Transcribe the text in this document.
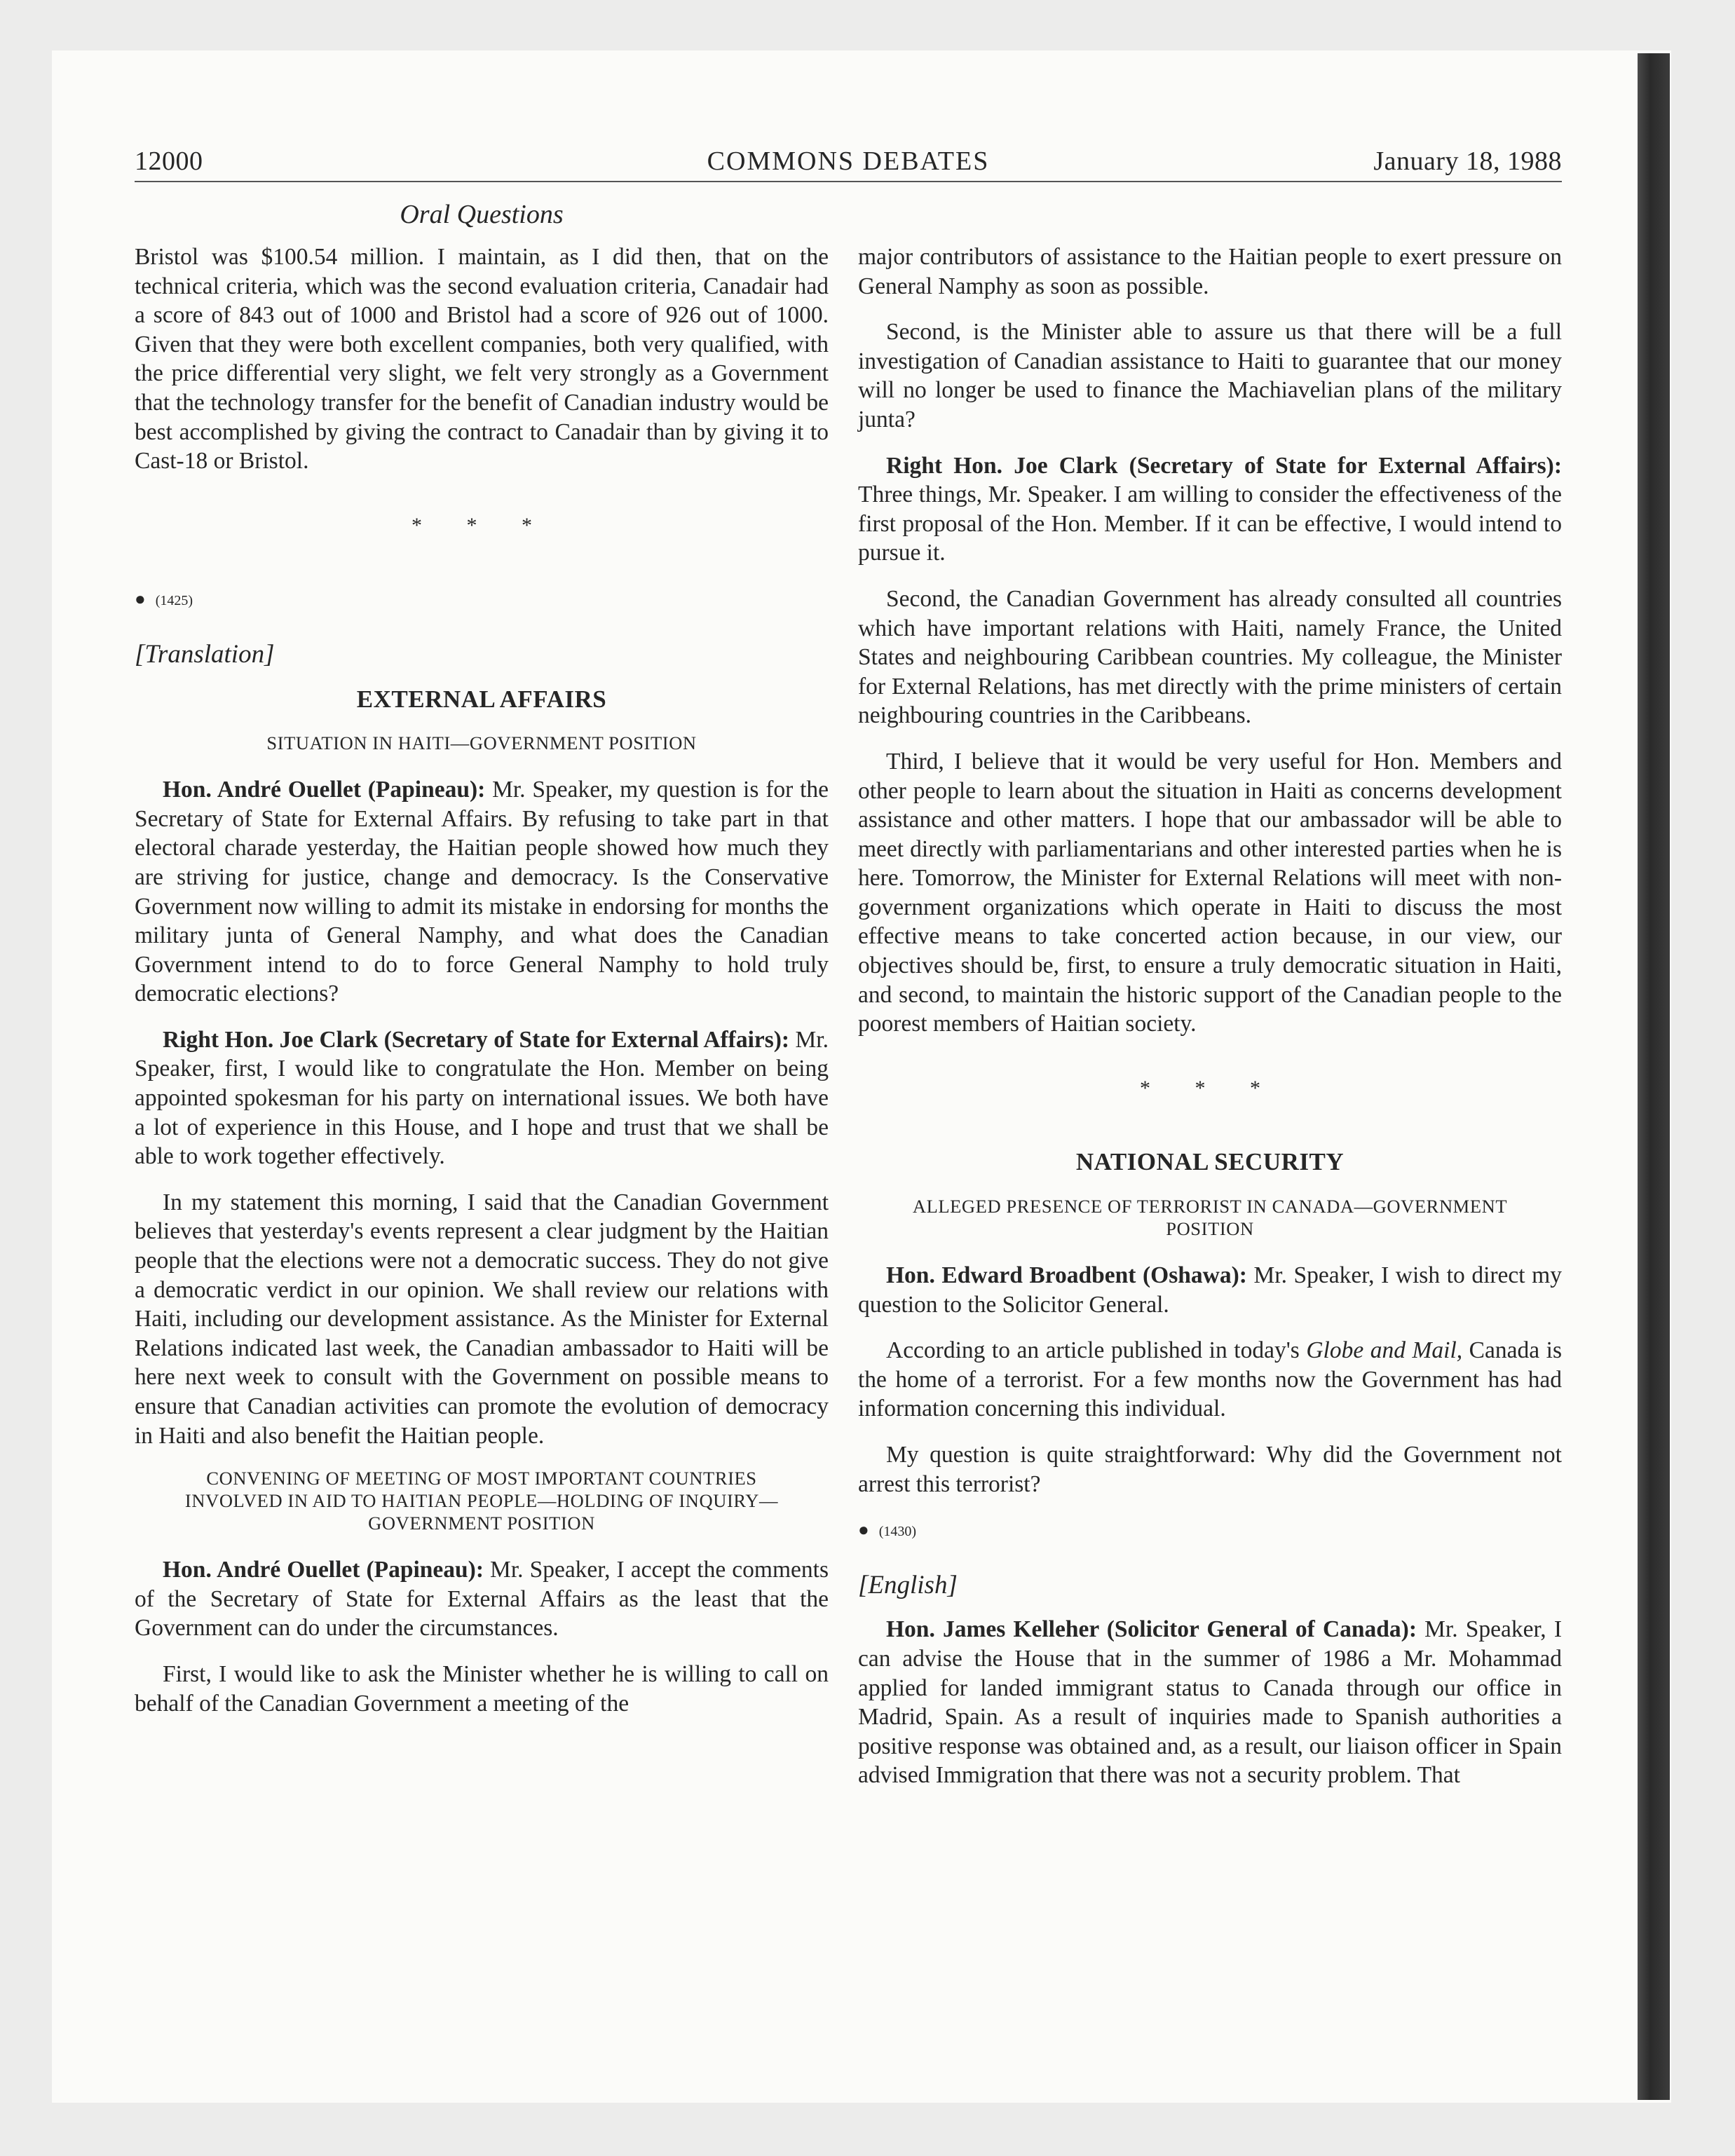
12000	COMMONS DEBATES	January 18, 1988
Oral Questions

Bristol was $100.54 million. I maintain, as I did then, that on the technical criteria, which was the second evaluation criteria, Canadair had a score of 843 out of 1000 and Bristol had a score of 926 out of 1000. Given that they were both excellent companies, both very qualified, with the price differential very slight, we felt very strongly as a Government that the technology transfer for the benefit of Canadian industry would be best accomplished by giving the contract to Canadair than by giving it to Cast-18 or Bristol.

* * *
● (1425)
[Translation]
EXTERNAL AFFAIRS
SITUATION IN HAITI—GOVERNMENT POSITION

Hon. André Ouellet (Papineau): Mr. Speaker, my question is for the Secretary of State for External Affairs. By refusing to take part in that electoral charade yesterday, the Haitian people showed how much they are striving for justice, change and democracy. Is the Conservative Government now willing to admit its mistake in endorsing for months the military junta of General Namphy, and what does the Canadian Government intend to do to force General Namphy to hold truly democratic elections?

Right Hon. Joe Clark (Secretary of State for External Affairs): Mr. Speaker, first, I would like to congratulate the Hon. Member on being appointed spokesman for his party on international issues. We both have a lot of experience in this House, and I hope and trust that we shall be able to work together effectively.

In my statement this morning, I said that the Canadian Government believes that yesterday's events represent a clear judgment by the Haitian people that the elections were not a democratic success. They do not give a democratic verdict in our opinion. We shall review our relations with Haiti, including our development assistance. As the Minister for External Relations indicated last week, the Canadian ambassador to Haiti will be here next week to consult with the Government on possible means to ensure that Canadian activities can promote the evolution of democracy in Haiti and also benefit the Haitian people.

CONVENING OF MEETING OF MOST IMPORTANT COUNTRIES
INVOLVED IN AID TO HAITIAN PEOPLE—HOLDING OF INQUIRY—
GOVERNMENT POSITION

Hon. André Ouellet (Papineau): Mr. Speaker, I accept the comments of the Secretary of State for External Affairs as the least that the Government can do under the circumstances.

First, I would like to ask the Minister whether he is willing to call on behalf of the Canadian Government a meeting of the

major contributors of assistance to the Haitian people to exert pressure on General Namphy as soon as possible.

Second, is the Minister able to assure us that there will be a full investigation of Canadian assistance to Haiti to guarantee that our money will no longer be used to finance the Machiavelian plans of the military junta?

Right Hon. Joe Clark (Secretary of State for External Affairs): Three things, Mr. Speaker. I am willing to consider the effectiveness of the first proposal of the Hon. Member. If it can be effective, I would intend to pursue it.

Second, the Canadian Government has already consulted all countries which have important relations with Haiti, namely France, the United States and neighbouring Caribbean countries. My colleague, the Minister for External Relations, has met directly with the prime ministers of certain neighbouring countries in the Caribbeans.

Third, I believe that it would be very useful for Hon. Members and other people to learn about the situation in Haiti as concerns development assistance and other matters. I hope that our ambassador will be able to meet directly with parliamentarians and other interested parties when he is here. Tomorrow, the Minister for External Relations will meet with non-government organizations which operate in Haiti to discuss the most effective means to take concerted action because, in our view, our objectives should be, first, to ensure a truly democratic situation in Haiti, and second, to maintain the historic support of the Canadian people to the poorest members of Haitian society.

* * *
NATIONAL SECURITY
ALLEGED PRESENCE OF TERRORIST IN CANADA—GOVERNMENT
POSITION

Hon. Edward Broadbent (Oshawa): Mr. Speaker, I wish to direct my question to the Solicitor General.

According to an article published in today's Globe and Mail, Canada is the home of a terrorist. For a few months now the Government has had information concerning this individual.

My question is quite straightforward: Why did the Government not arrest this terrorist?

● (1430)
[English]

Hon. James Kelleher (Solicitor General of Canada): Mr. Speaker, I can advise the House that in the summer of 1986 a Mr. Mohammad applied for landed immigrant status to Canada through our office in Madrid, Spain. As a result of inquiries made to Spanish authorities a positive response was obtained and, as a result, our liaison officer in Spain advised Immigration that there was not a security problem. That
